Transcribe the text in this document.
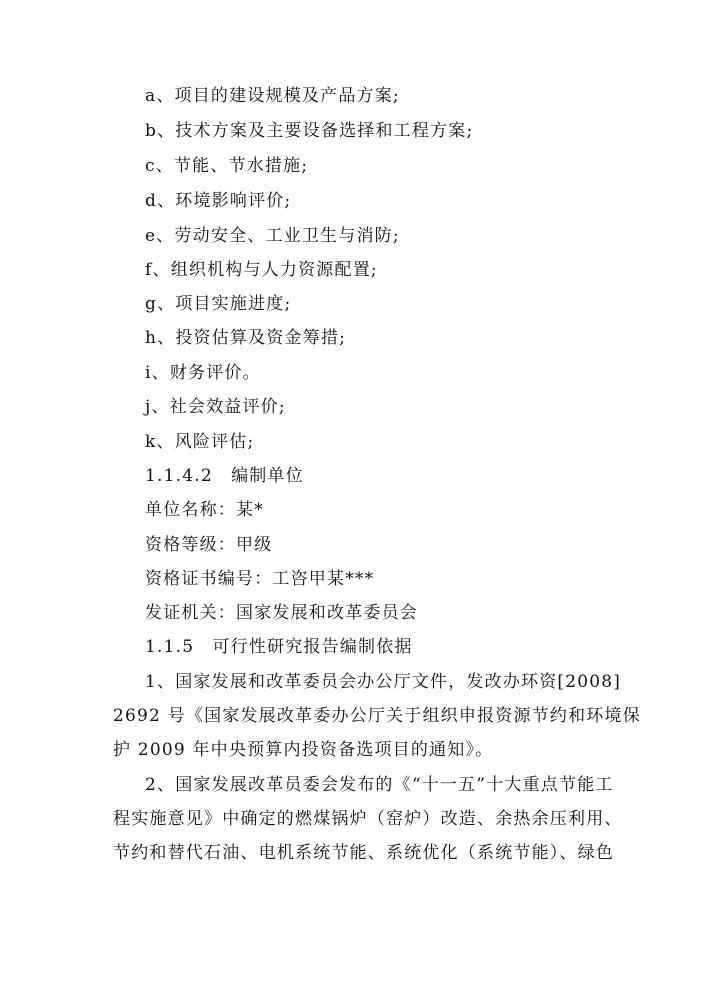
a、项目的建设规模及产品方案;
b、技术方案及主要设备选择和工程方案;
c、节能、节水措施;
d、环境影响评价;
e、劳动安全、工业卫生与消防;
f、组织机构与人力资源配置;
g、项目实施进度;
h、投资估算及资金筹措;
i、财务评价。
j、社会效益评价;
k、风险评估;
1.1.4.2　编制单位
单位名称：某*
资格等级：甲级
资格证书编号：工咨甲某***
发证机关：国家发展和改革委员会
1.1.5　可行性研究报告编制依据
1、国家发展和改革委员会办公厅文件，发改办环资[2008]
2692 号《国家发展改革委办公厅关于组织申报资源节约和环境保
护 2009 年中央预算内投资备选项目的通知》。
2、国家发展改革员委会发布的《“十一五”十大重点节能工
程实施意见》中确定的燃煤锅炉（窑炉）改造、余热余压利用、
节约和替代石油、电机系统节能、系统优化（系统节能）、绿色
